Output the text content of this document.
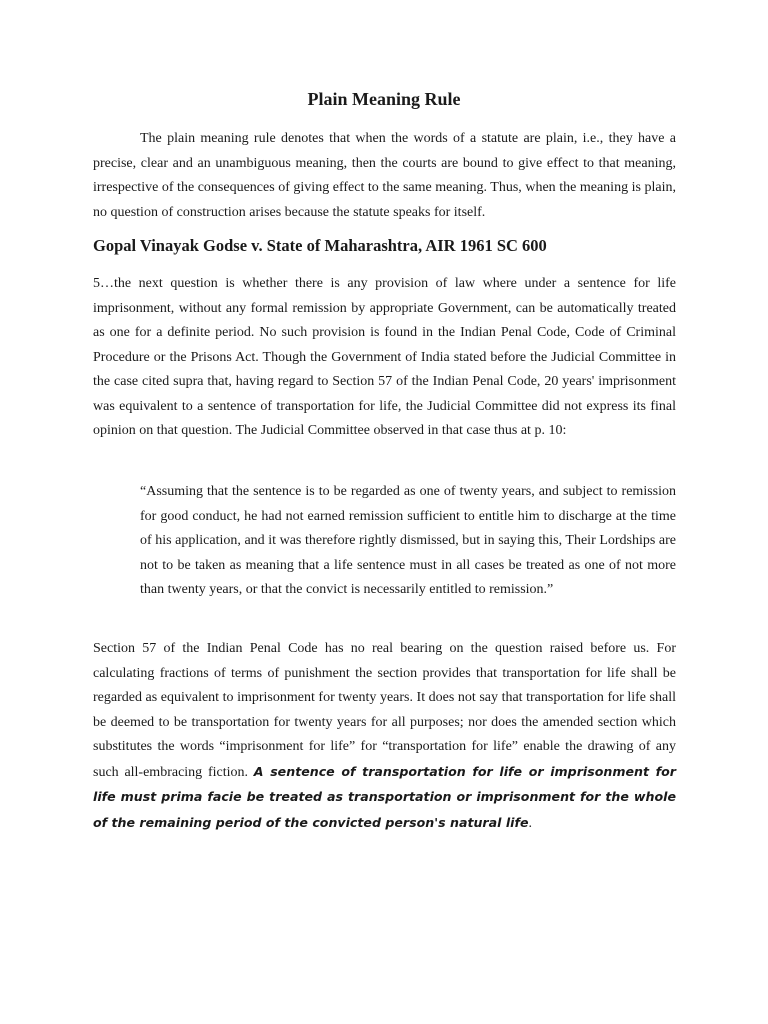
Plain Meaning Rule

The plain meaning rule denotes that when the words of a statute are plain, i.e., they have a precise, clear and an unambiguous meaning, then the courts are bound to give effect to that meaning, irrespective of the consequences of giving effect to the same meaning. Thus, when the meaning is plain, no question of construction arises because the statute speaks for itself.

Gopal Vinayak Godse v. State of Maharashtra, AIR 1961 SC 600

5…the next question is whether there is any provision of law where under a sentence for life imprisonment, without any formal remission by appropriate Government, can be automatically treated as one for a definite period. No such provision is found in the Indian Penal Code, Code of Criminal Procedure or the Prisons Act. Though the Government of India stated before the Judicial Committee in the case cited supra that, having regard to Section 57 of the Indian Penal Code, 20 years' imprisonment was equivalent to a sentence of transportation for life, the Judicial Committee did not express its final opinion on that question. The Judicial Committee observed in that case thus at p. 10:

“Assuming that the sentence is to be regarded as one of twenty years, and subject to remission for good conduct, he had not earned remission sufficient to entitle him to discharge at the time of his application, and it was therefore rightly dismissed, but in saying this, Their Lordships are not to be taken as meaning that a life sentence must in all cases be treated as one of not more than twenty years, or that the convict is necessarily entitled to remission.”

Section 57 of the Indian Penal Code has no real bearing on the question raised before us. For calculating fractions of terms of punishment the section provides that transportation for life shall be regarded as equivalent to imprisonment for twenty years. It does not say that transportation for life shall be deemed to be transportation for twenty years for all purposes; nor does the amended section which substitutes the words “imprisonment for life” for “transportation for life” enable the drawing of any such all-embracing fiction. A sentence of transportation for life or imprisonment for life must prima facie be treated as transportation or imprisonment for the whole of the remaining period of the convicted person's natural life.
